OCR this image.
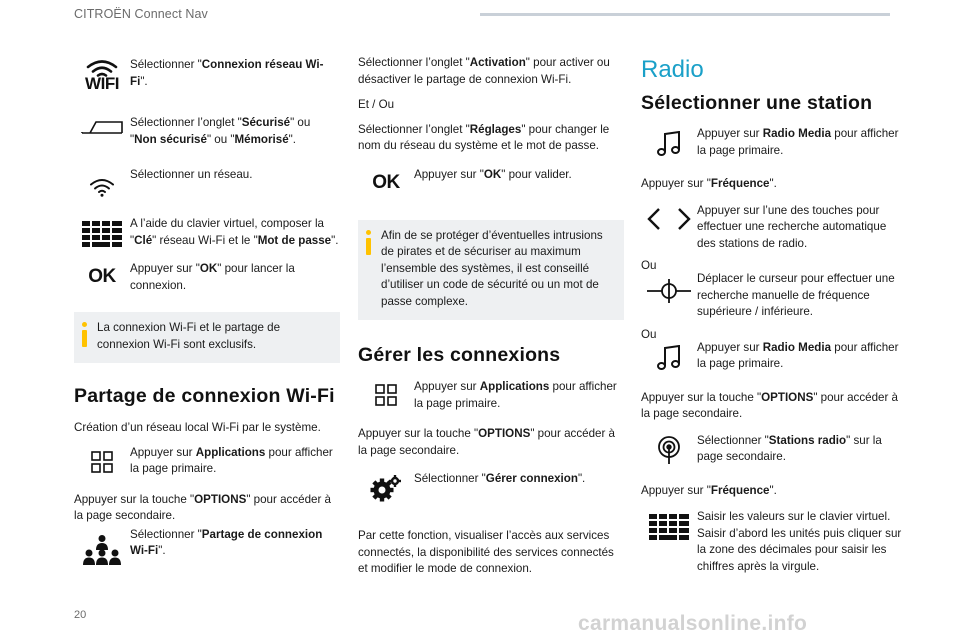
CITROËN Connect Nav
WIFI
Sélectionner "Connexion réseau Wi-Fi".
Sélectionner l’onglet "Sécurisé" ou "Non sécurisé" ou "Mémorisé".
Sélectionner un réseau.
A l’aide du clavier virtuel, composer la "Clé" réseau Wi-Fi et le "Mot de passe".
OK Appuyer sur "OK" pour lancer la connexion.
La connexion Wi-Fi et le partage de connexion Wi-Fi sont exclusifs.
Partage de connexion Wi-Fi
Création d’un réseau local Wi-Fi par le système.
Appuyer sur Applications pour afficher la page primaire.
Appuyer sur la touche "OPTIONS" pour accéder à la page secondaire.
Sélectionner "Partage de connexion Wi-Fi".
Sélectionner l’onglet "Activation" pour activer ou désactiver le partage de connexion Wi-Fi.
Et / Ou
Sélectionner l’onglet "Réglages" pour changer le nom du réseau du système et le mot de passe.
OK Appuyer sur "OK" pour valider.
Afin de se protéger d’éventuelles intrusions de pirates et de sécuriser au maximum l’ensemble des systèmes, il est conseillé d’utiliser un code de sécurité ou un mot de passe complexe.
Gérer les connexions
Appuyer sur Applications pour afficher la page primaire.
Appuyer sur la touche "OPTIONS" pour accéder à la page secondaire.
Sélectionner "Gérer connexion".
Par cette fonction, visualiser l’accès aux services connectés, la disponibilité des services connectés et modifier le mode de connexion.
Radio
Sélectionner une station
Appuyer sur Radio Media pour afficher la page primaire.
Appuyer sur "Fréquence".
Appuyer sur l’une des touches pour effectuer une recherche automatique des stations de radio.
Ou
Déplacer le curseur pour effectuer une recherche manuelle de fréquence supérieure / inférieure.
Ou
Appuyer sur Radio Media pour afficher la page primaire.
Appuyer sur la touche "OPTIONS" pour accéder à la page secondaire.
Sélectionner "Stations radio" sur la page secondaire.
Appuyer sur "Fréquence".
Saisir les valeurs sur le clavier virtuel.
Saisir d’abord les unités puis cliquer sur la zone des décimales pour saisir les chiffres après la virgule.
20	carmanualsonline.info
